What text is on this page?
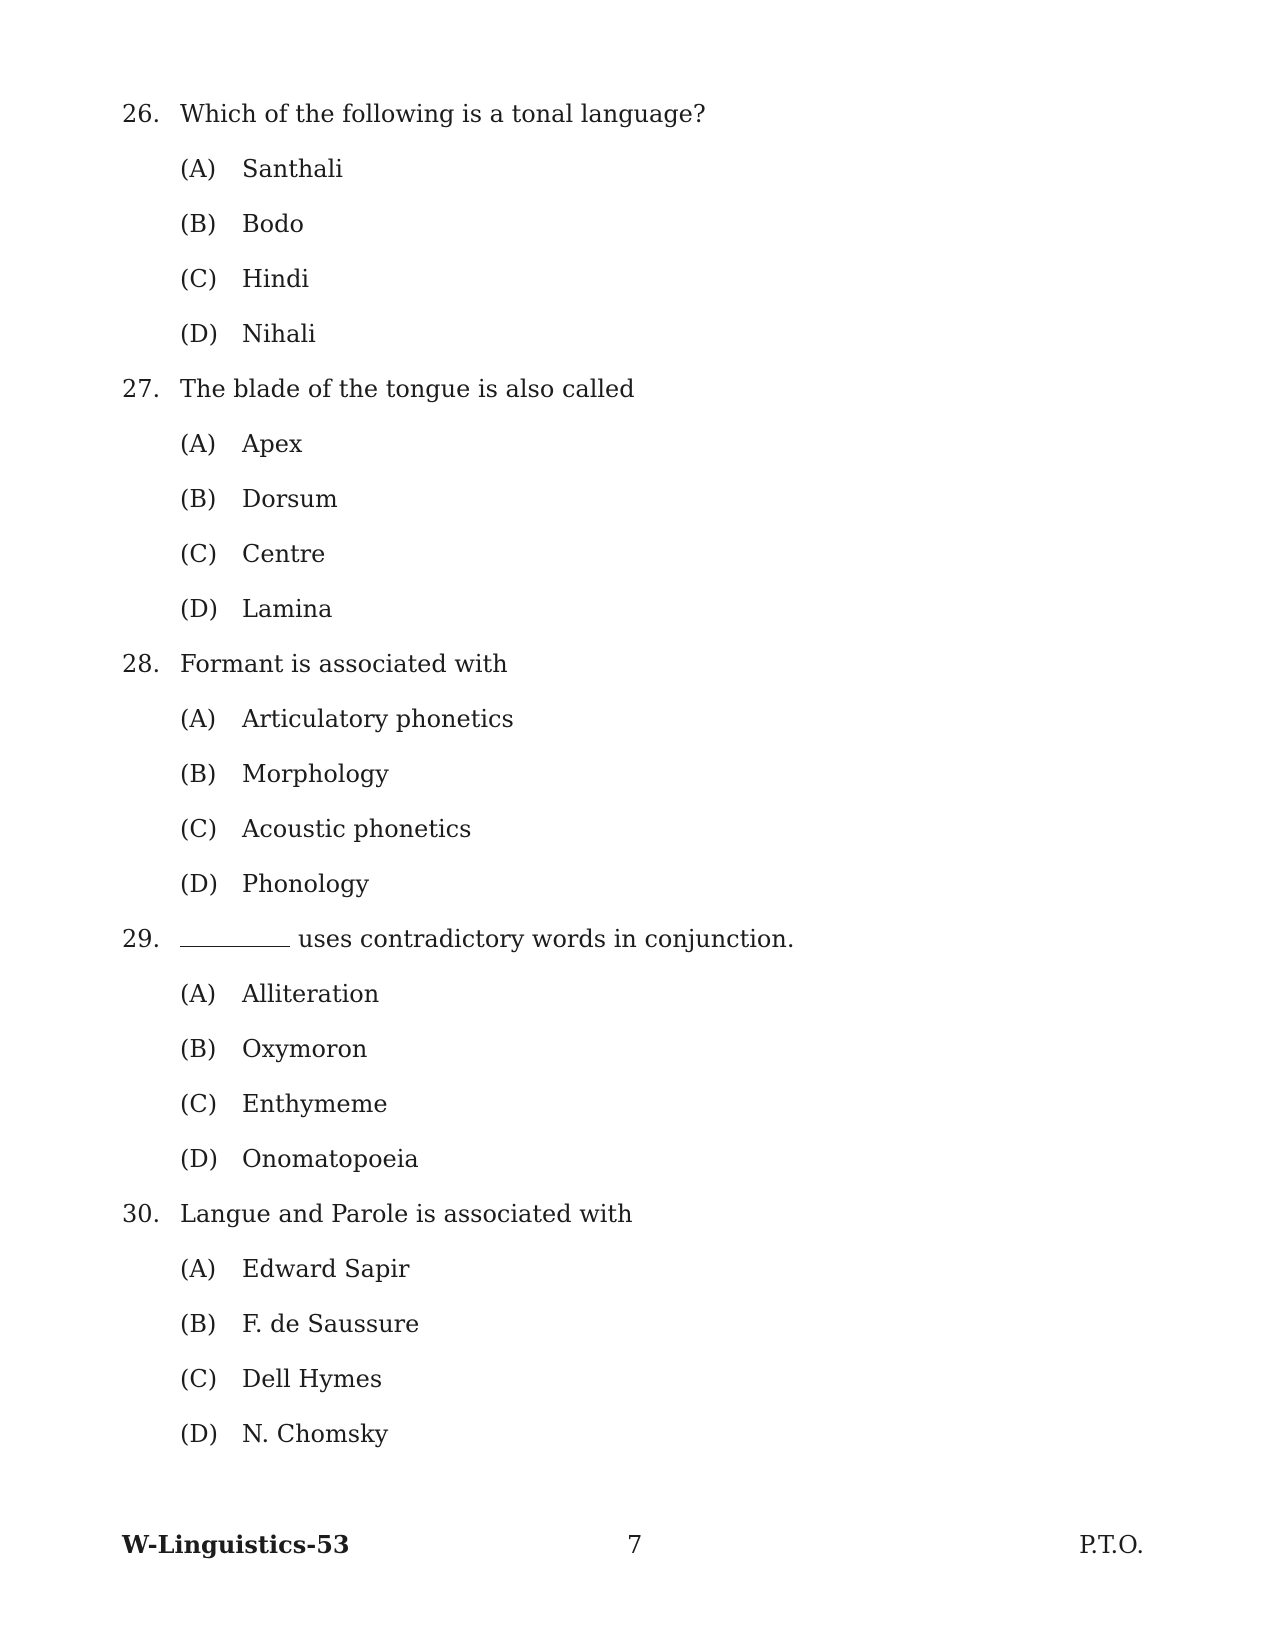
26. Which of the following is a tonal language?
(A)	Santhali
(B)	Bodo
(C)	Hindi
(D)	Nihali
27. The blade of the tongue is also called
(A)	Apex
(B)	Dorsum
(C)	Centre
(D)	Lamina
28. Formant is associated with
(A)	Articulatory phonetics
(B)	Morphology
(C)	Acoustic phonetics
(D)	Phonology
29.	uses contradictory words in conjunction.
(A)	Alliteration
(B)	Oxymoron
(C)	Enthymeme
(D)	Onomatopoeia
30. Langue and Parole is associated with
(A)	Edward Sapir
(B)	F. de Saussure
(C)	Dell Hymes
(D)	N. Chomsky
W-Linguistics-53	7	P.T.O.
